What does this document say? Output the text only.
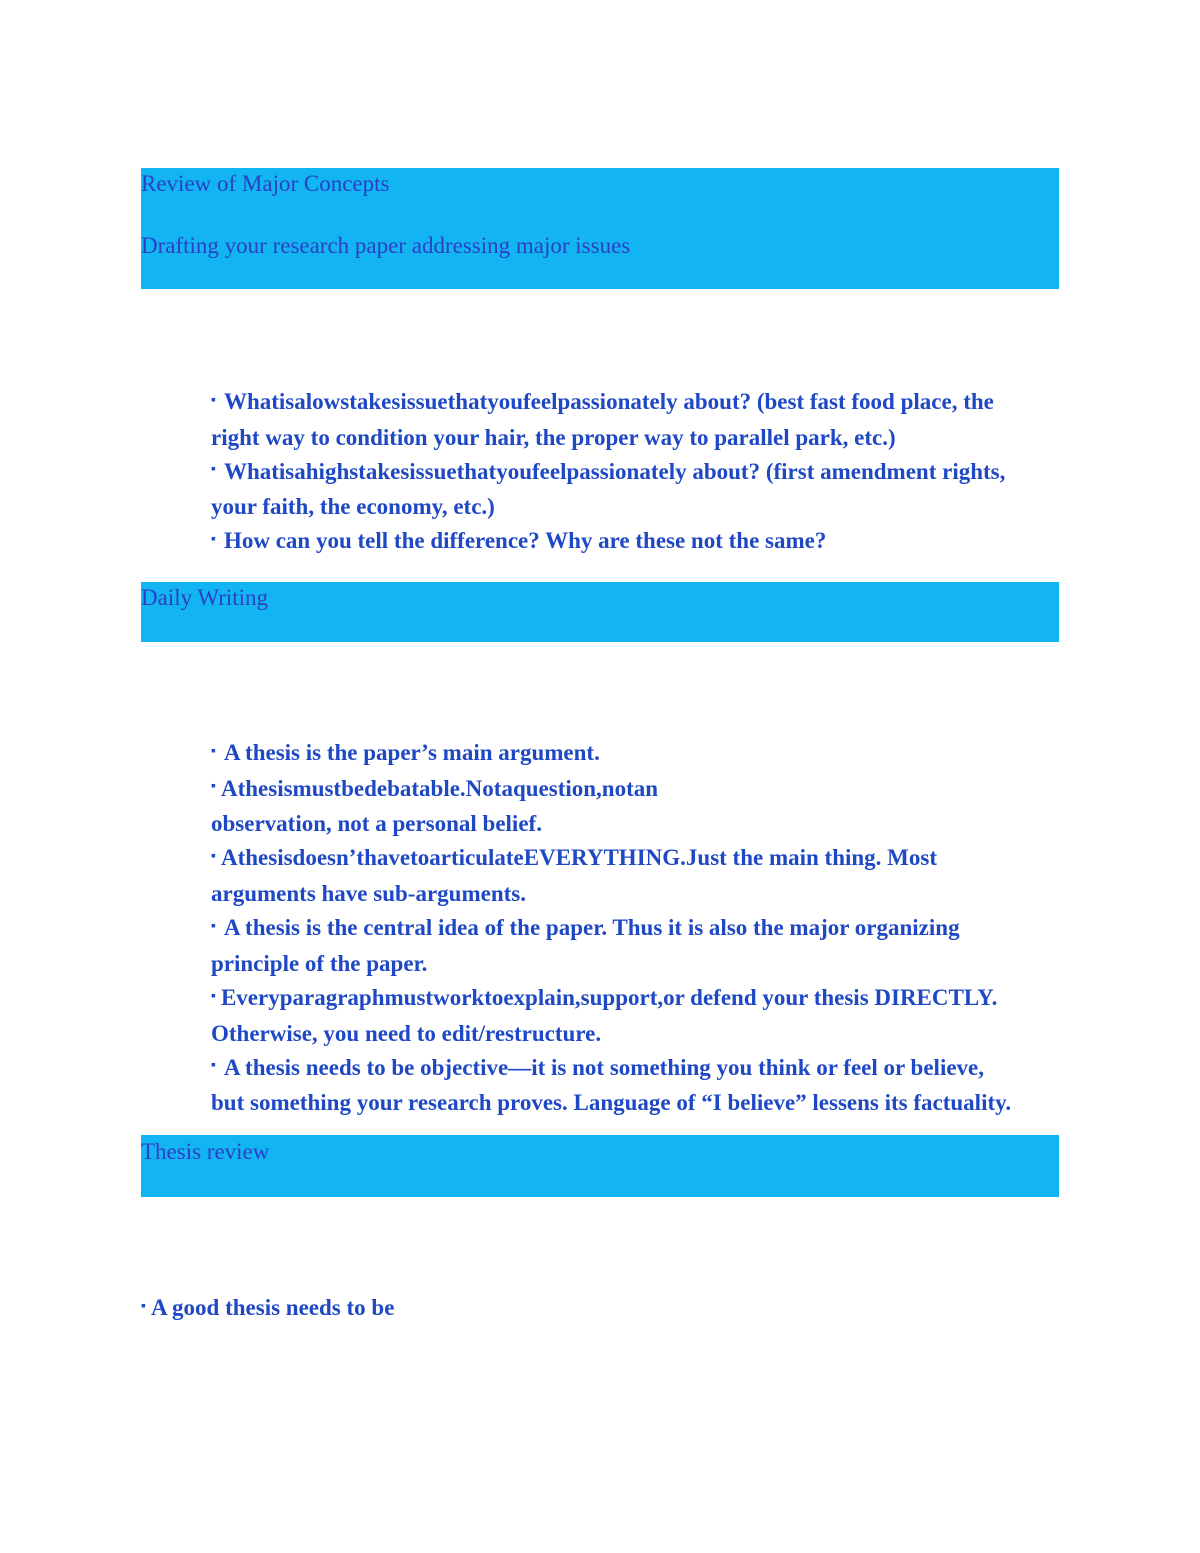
Review of Major Concepts
Drafting your research paper addressing major issues
▪ Whatisalowstakesissuethatyoufeelpassionately about? (best fast food place, the
right way to condition your hair, the proper way to parallel park, etc.)
▪ Whatisahighstakesissuethatyoufeelpassionately about? (first amendment rights,
your faith, the economy, etc.)
▪ How can you tell the difference? Why are these not the same?
Daily Writing
▪ A thesis is the paper’s main argument.
▪ Athesismustbedebatable.Notaquestion,notan
observation, not a personal belief.
▪ Athesisdoesn’thavetoarticulateEVERYTHING.Just the main thing. Most
arguments have sub-arguments.
▪ A thesis is the central idea of the paper. Thus it is also the major organizing
principle of the paper.
▪ Everyparagraphmustworktoexplain,support,or defend your thesis DIRECTLY.
Otherwise, you need to edit/restructure.
▪ A thesis needs to be objective—it is not something you think or feel or believe,
but something your research proves. Language of “I believe” lessens its factuality.
Thesis review
▪ A good thesis needs to be
